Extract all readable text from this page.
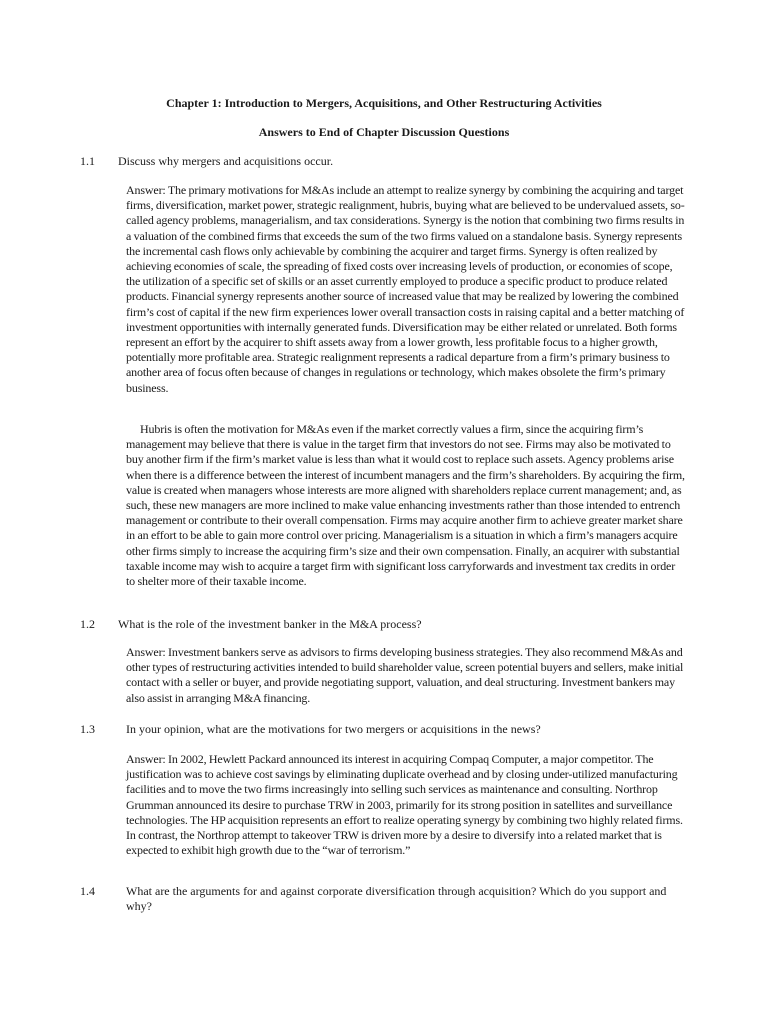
Chapter 1: Introduction to Mergers, Acquisitions, and Other Restructuring Activities
Answers to End of Chapter Discussion Questions
1.1	Discuss why mergers and acquisitions occur.

Answer: The primary motivations for M&As include an attempt to realize synergy by combining the acquiring and target firms, diversification, market power, strategic realignment, hubris, buying what are believed to be undervalued assets, so-called agency problems, managerialism, and tax considerations. Synergy is the notion that combining two firms results in a valuation of the combined firms that exceeds the sum of the two firms valued on a standalone basis. Synergy represents the incremental cash flows only achievable by combining the acquirer and target firms. Synergy is often realized by achieving economies of scale, the spreading of fixed costs over increasing levels of production, or economies of scope, the utilization of a specific set of skills or an asset currently employed to produce a specific product to produce related products. Financial synergy represents another source of increased value that may be realized by lowering the combined firm’s cost of capital if the new firm experiences lower overall transaction costs in raising capital and a better matching of investment opportunities with internally generated funds. Diversification may be either related or unrelated. Both forms represent an effort by the acquirer to shift assets away from a lower growth, less profitable focus to a higher growth, potentially more profitable area. Strategic realignment represents a radical departure from a firm’s primary business to another area of focus often because of changes in regulations or technology, which makes obsolete the firm’s primary business.

Hubris is often the motivation for M&As even if the market correctly values a firm, since the acquiring firm’s management may believe that there is value in the target firm that investors do not see. Firms may also be motivated to buy another firm if the firm’s market value is less than what it would cost to replace such assets. Agency problems arise when there is a difference between the interest of incumbent managers and the firm’s shareholders. By acquiring the firm, value is created when managers whose interests are more aligned with shareholders replace current management; and, as such, these new managers are more inclined to make value enhancing investments rather than those intended to entrench management or contribute to their overall compensation. Firms may acquire another firm to achieve greater market share in an effort to be able to gain more control over pricing. Managerialism is a situation in which a firm’s managers acquire other firms simply to increase the acquiring firm’s size and their own compensation. Finally, an acquirer with substantial taxable income may wish to acquire a target firm with significant loss carryforwards and investment tax credits in order to shelter more of their taxable income.

1.2	What is the role of the investment banker in the M&A process?

Answer: Investment bankers serve as advisors to firms developing business strategies. They also recommend M&As and other types of restructuring activities intended to build shareholder value, screen potential buyers and sellers, make initial contact with a seller or buyer, and provide negotiating support, valuation, and deal structuring. Investment bankers may also assist in arranging M&A financing.

1.3	In your opinion, what are the motivations for two mergers or acquisitions in the news?

Answer: In 2002, Hewlett Packard announced its interest in acquiring Compaq Computer, a major competitor. The justification was to achieve cost savings by eliminating duplicate overhead and by closing under-utilized manufacturing facilities and to move the two firms increasingly into selling such services as maintenance and consulting. Northrop Grumman announced its desire to purchase TRW in 2003, primarily for its strong position in satellites and surveillance technologies. The HP acquisition represents an effort to realize operating synergy by combining two highly related firms. In contrast, the Northrop attempt to takeover TRW is driven more by a desire to diversify into a related market that is expected to exhibit high growth due to the “war of terrorism.”

1.4	What are the arguments for and against corporate diversification through acquisition? Which do you support and why?
